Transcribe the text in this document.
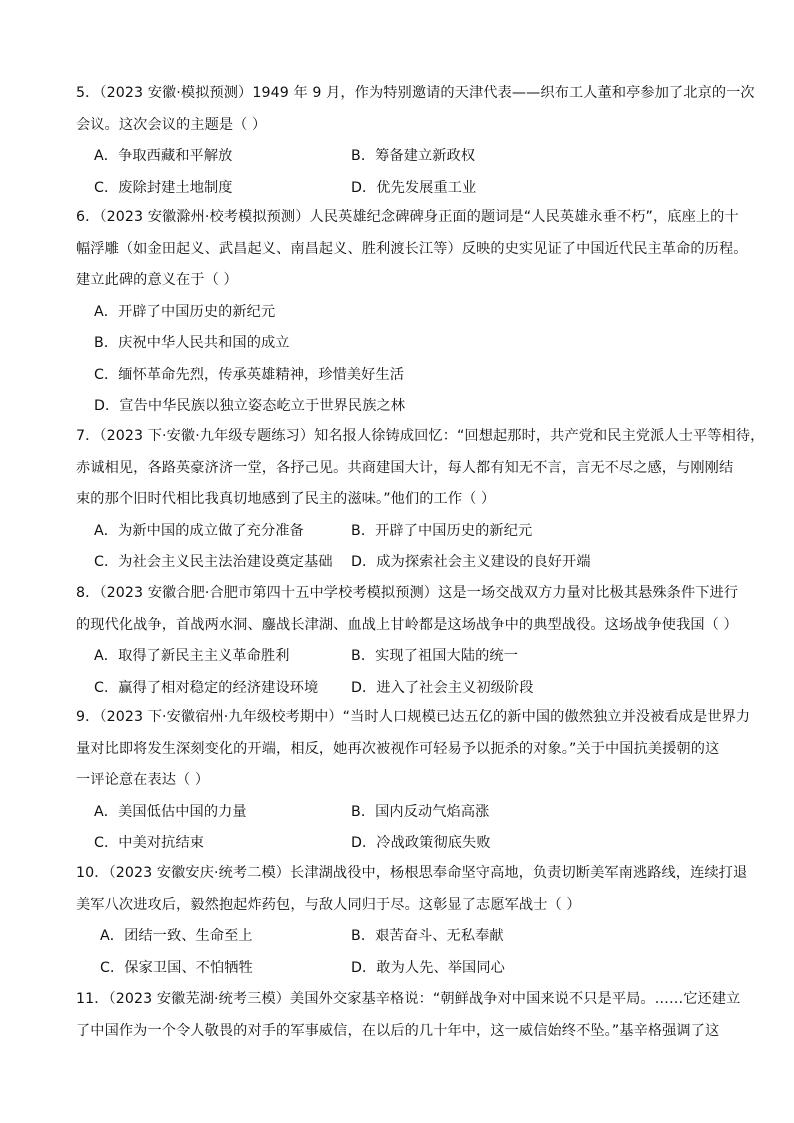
5．（2023 安徽·模拟预测）1949 年 9 月，作为特别邀请的天津代表——织布工人董和亭参加了北京的一次
会议。这次会议的主题是（ ）
A．争取西藏和平解放	B．筹备建立新政权
C．废除封建土地制度	D．优先发展重工业
6．（2023 安徽滁州·校考模拟预测）人民英雄纪念碑碑身正面的题词是“人民英雄永垂不朽”，底座上的十
幅浮雕（如金田起义、武昌起义、南昌起义、胜利渡长江等）反映的史实见证了中国近代民主革命的历程。
建立此碑的意义在于（ ）
A．开辟了中国历史的新纪元
B．庆祝中华人民共和国的成立
C．缅怀革命先烈，传承英雄精神，珍惜美好生活
D．宣告中华民族以独立姿态屹立于世界民族之林
7．（2023 下·安徽·九年级专题练习）知名报人徐铸成回忆：“回想起那时，共产党和民主党派人士平等相待，
赤诚相见，各路英豪济济一堂，各抒己见。共商建国大计，每人都有知无不言，言无不尽之感，与刚刚结
束的那个旧时代相比我真切地感到了民主的滋味。”他们的工作（ ）
A．为新中国的成立做了充分准备	B．开辟了中国历史的新纪元
C．为社会主义民主法治建设奠定基础 D．成为探索社会主义建设的良好开端
8．（2023 安徽合肥·合肥市第四十五中学校考模拟预测）这是一场交战双方力量对比极其悬殊条件下进行
的现代化战争，首战两水洞、鏖战长津湖、血战上甘岭都是这场战争中的典型战役。这场战争使我国（ ）
A．取得了新民主主义革命胜利	B．实现了祖国大陆的统一
C．赢得了相对稳定的经济建设环境 D．进入了社会主义初级阶段
9．（2023 下·安徽宿州·九年级校考期中）“当时人口规模已达五亿的新中国的傲然独立并没被看成是世界力
量对比即将发生深刻变化的开端，相反，她再次被视作可轻易予以扼杀的对象。”关于中国抗美援朝的这
一评论意在表达（ ）
A．美国低估中国的力量	B．国内反动气焰高涨
C．中美对抗结束	D．冷战政策彻底失败
10．（2023 安徽安庆·统考二模）长津湖战役中，杨根思奉命坚守高地，负责切断美军南逃路线，连续打退
美军八次进攻后，毅然抱起炸药包，与敌人同归于尽。这彰显了志愿军战士（ ）
A．团结一致、生命至上	B．艰苦奋斗、无私奉献
C．保家卫国、不怕牺牲	D．敢为人先、举国同心
11．（2023 安徽芜湖·统考三模）美国外交家基辛格说：“朝鲜战争对中国来说不只是平局。……它还建立
了中国作为一个令人敬畏的对手的军事威信，在以后的几十年中，这一威信始终不坠。”基辛格强调了这
